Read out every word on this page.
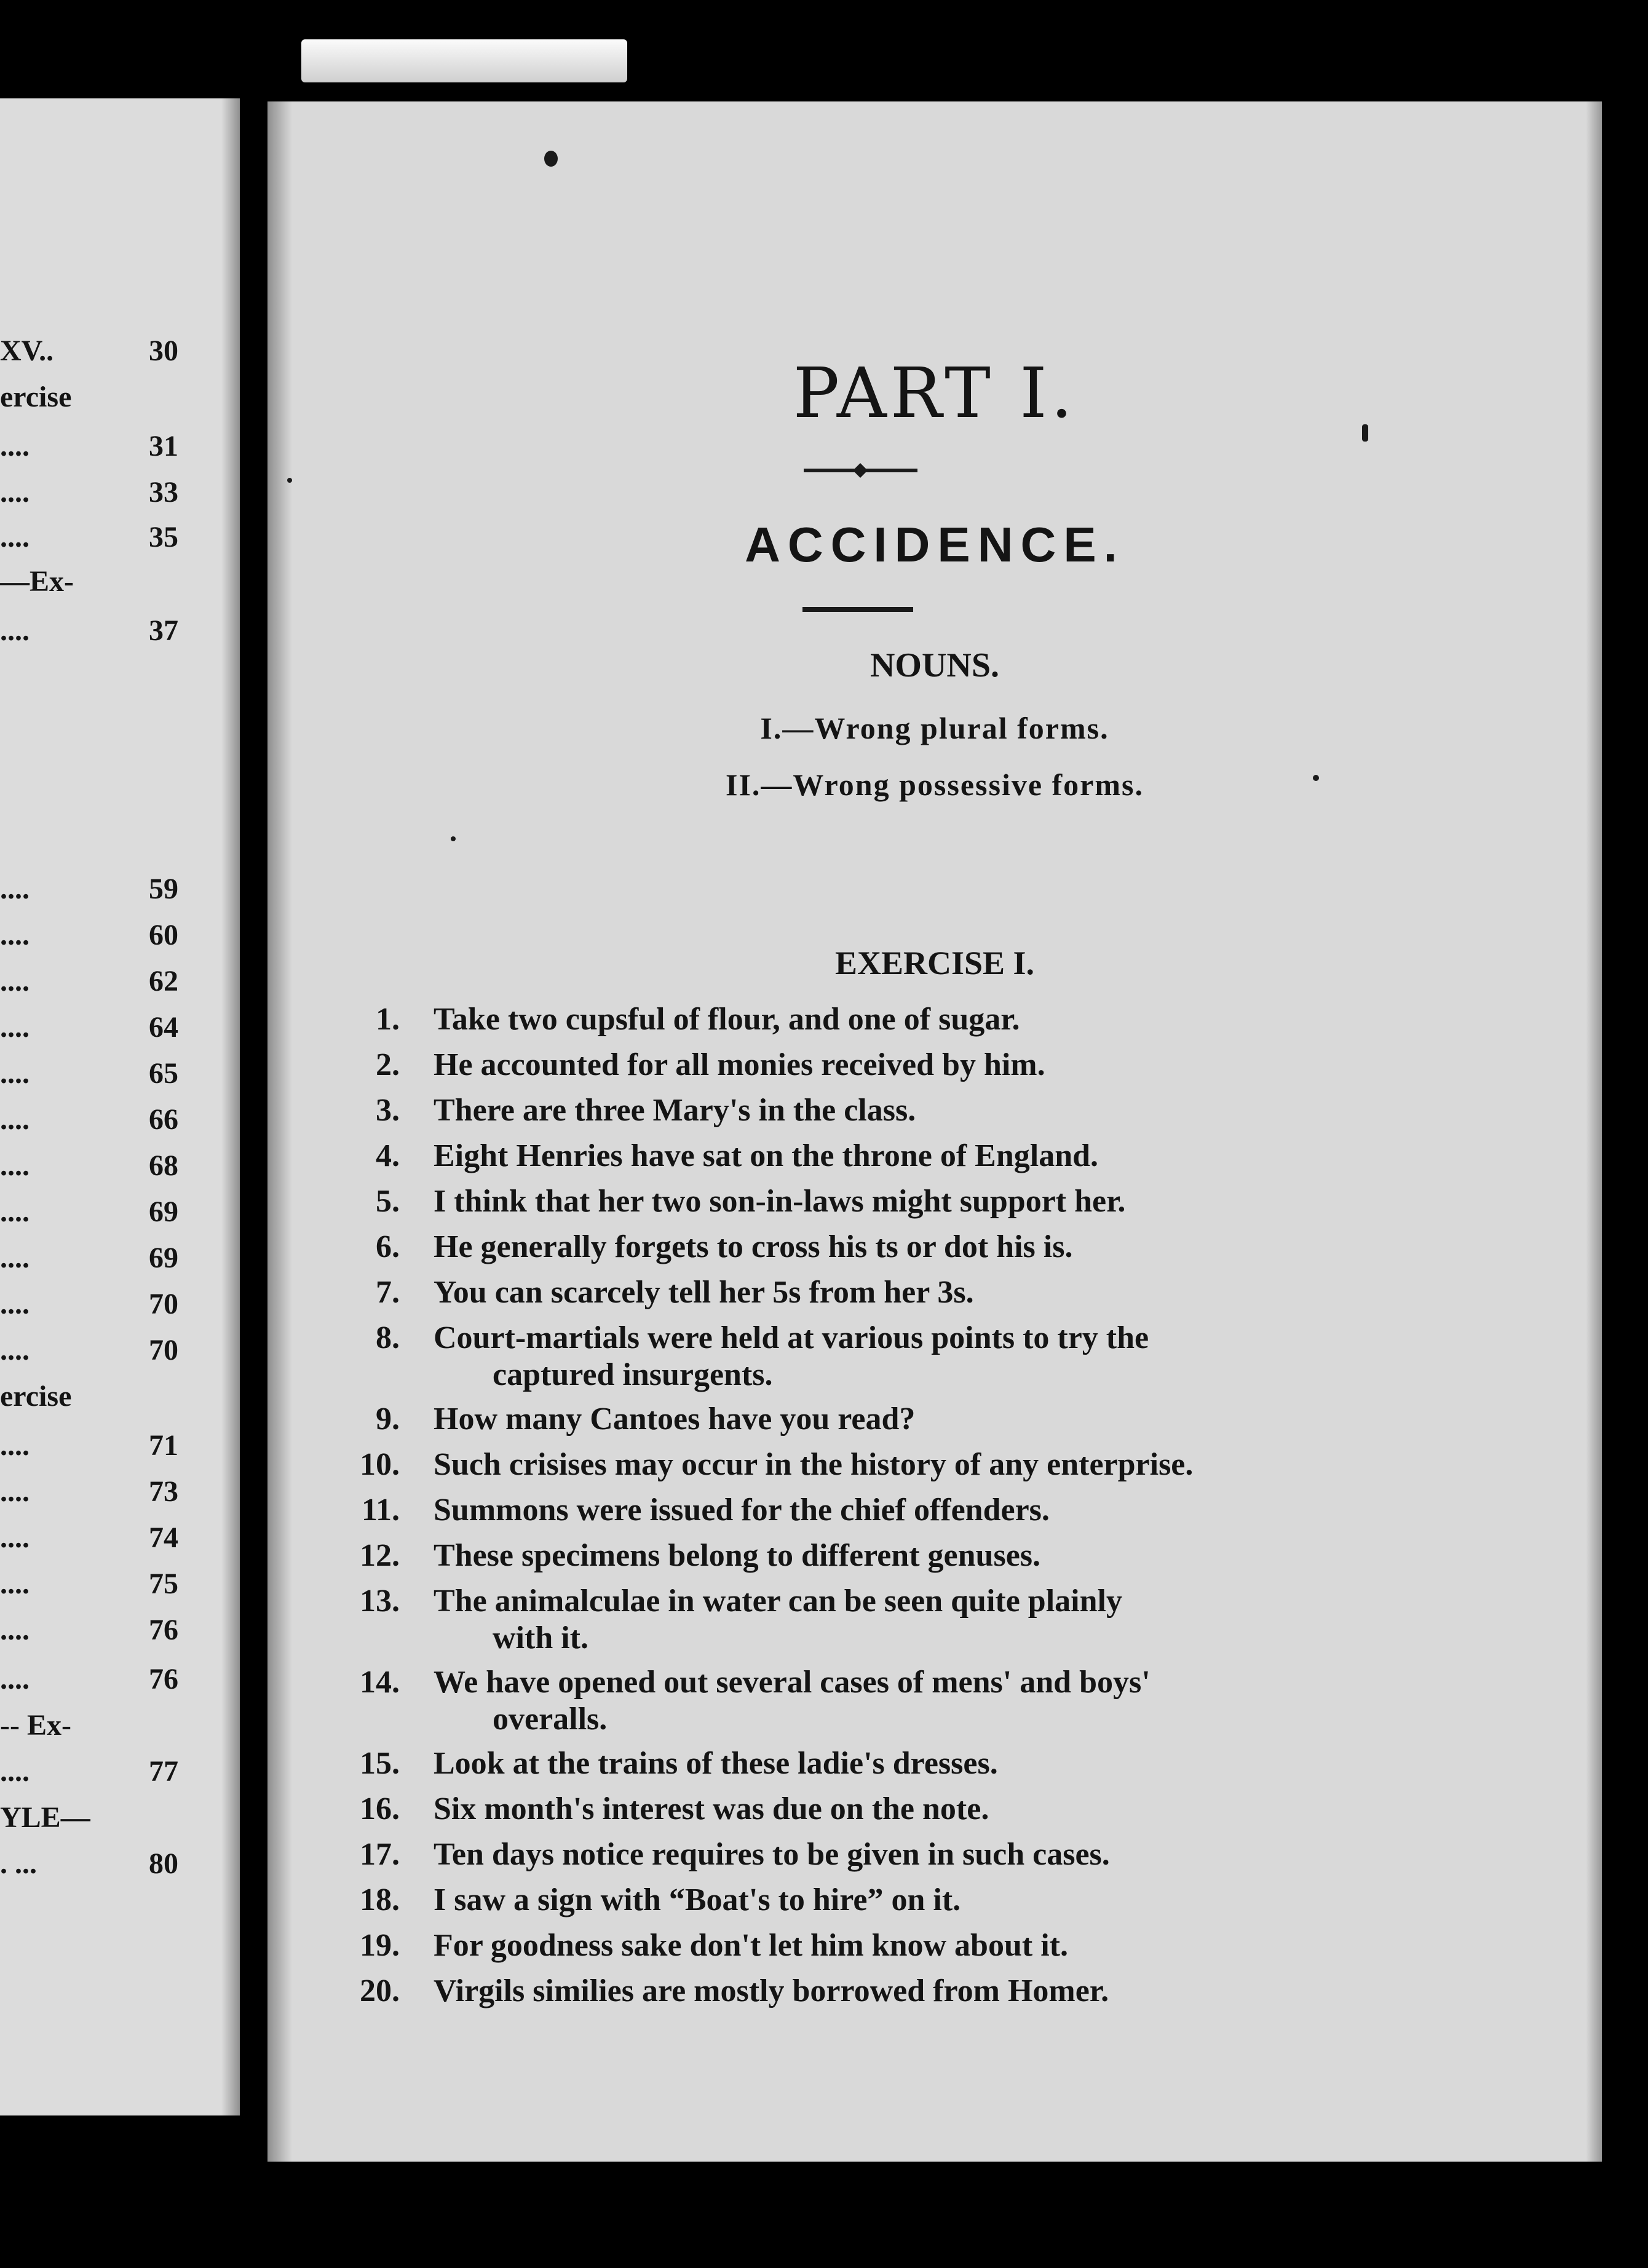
XV..	30
ercise
....	31
....	33
....	35
—Ex-
....	37
....	59
....	60
....	62
....	64
....	65
....	66
....	68
....	69
....	69
....	70
....	70
ercise
....	71
....	73
....	74
....	75
....	76
....	76
-- Ex-
....	77
YLE—
. ...	80
PART I.
ACCIDENCE.
NOUNS.
I.—Wrong plural forms.
II.—Wrong possessive forms.
EXERCISE I.
1. Take two cupsful of flour, and one of sugar.
2. He accounted for all monies received by him.
3. There are three Mary's in the class.
4. Eight Henries have sat on the throne of England.
5. I think that her two son-in-laws might support her.
6. He generally forgets to cross his ts or dot his is.
7. You can scarcely tell her 5s from her 3s.
8. Court-martials were held at various points to try the
captured insurgents.
9. How many Cantoes have you read?
10. Such crisises may occur in the history of any enterprise.
11. Summons were issued for the chief offenders.
12. These specimens belong to different genuses.
13. The animalculae in water can be seen quite plainly
with it.
14. We have opened out several cases of mens' and boys'
overalls.
15. Look at the trains of these ladie's dresses.
16. Six month's interest was due on the note.
17. Ten days notice requires to be given in such cases.
18. I saw a sign with “Boat's to hire” on it.
19. For goodness sake don't let him know about it.
20. Virgils similies are mostly borrowed from Homer.
